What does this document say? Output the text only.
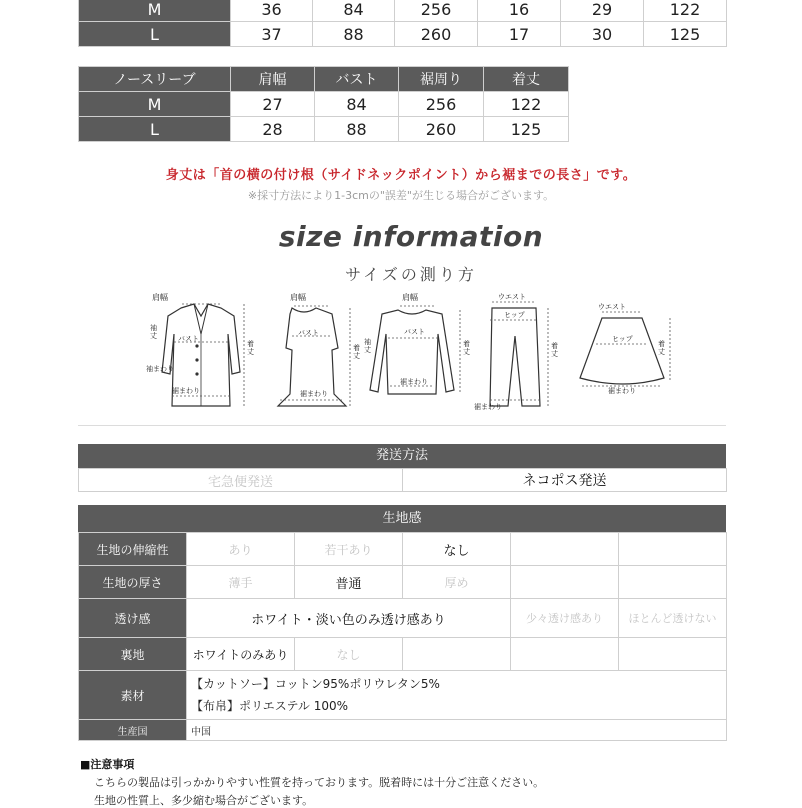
M	36	84	256	16	29	122
L	37	88	260	17	30	125
ノースリーブ	肩幅	バスト	裾周り	着丈
M	27	84	256	122
L	28	88	260	125
身丈は「首の横の付け根（サイドネックポイント）から裾までの長さ」です。
※採寸方法により1-3cmの"誤差"が生じる場合がございます。
size information
サイズの測り方
肩幅
袖丈	バスト
袖まわり
裾まわり
着丈
肩幅
バスト
裾まわり
着丈
肩幅
袖丈
バスト
裾まわり
着丈
ウエスト
ヒップ
裾まわり
着丈
ウエスト
ヒップ
裾まわり
着丈
発送方法
宅急便発送	ネコポス発送
生地感
生地の伸縮性	あり	若干あり	なし		
生地の厚さ	薄手	普通	厚め		
透け感	ホワイト・淡い色のみ透け感あり			少々透け感あり	ほとんど透けない
裏地	ホワイトのみあり	なし			
素材	【カットソー】コットン95%ポリウレタン5%
【布帛】ポリエステル 100%				

生産国	中国				
■注意事項
こちらの製品は引っかかりやすい性質を持っております。脱着時には十分ご注意ください。
生地の性質上、多少縮む場合がございます。
